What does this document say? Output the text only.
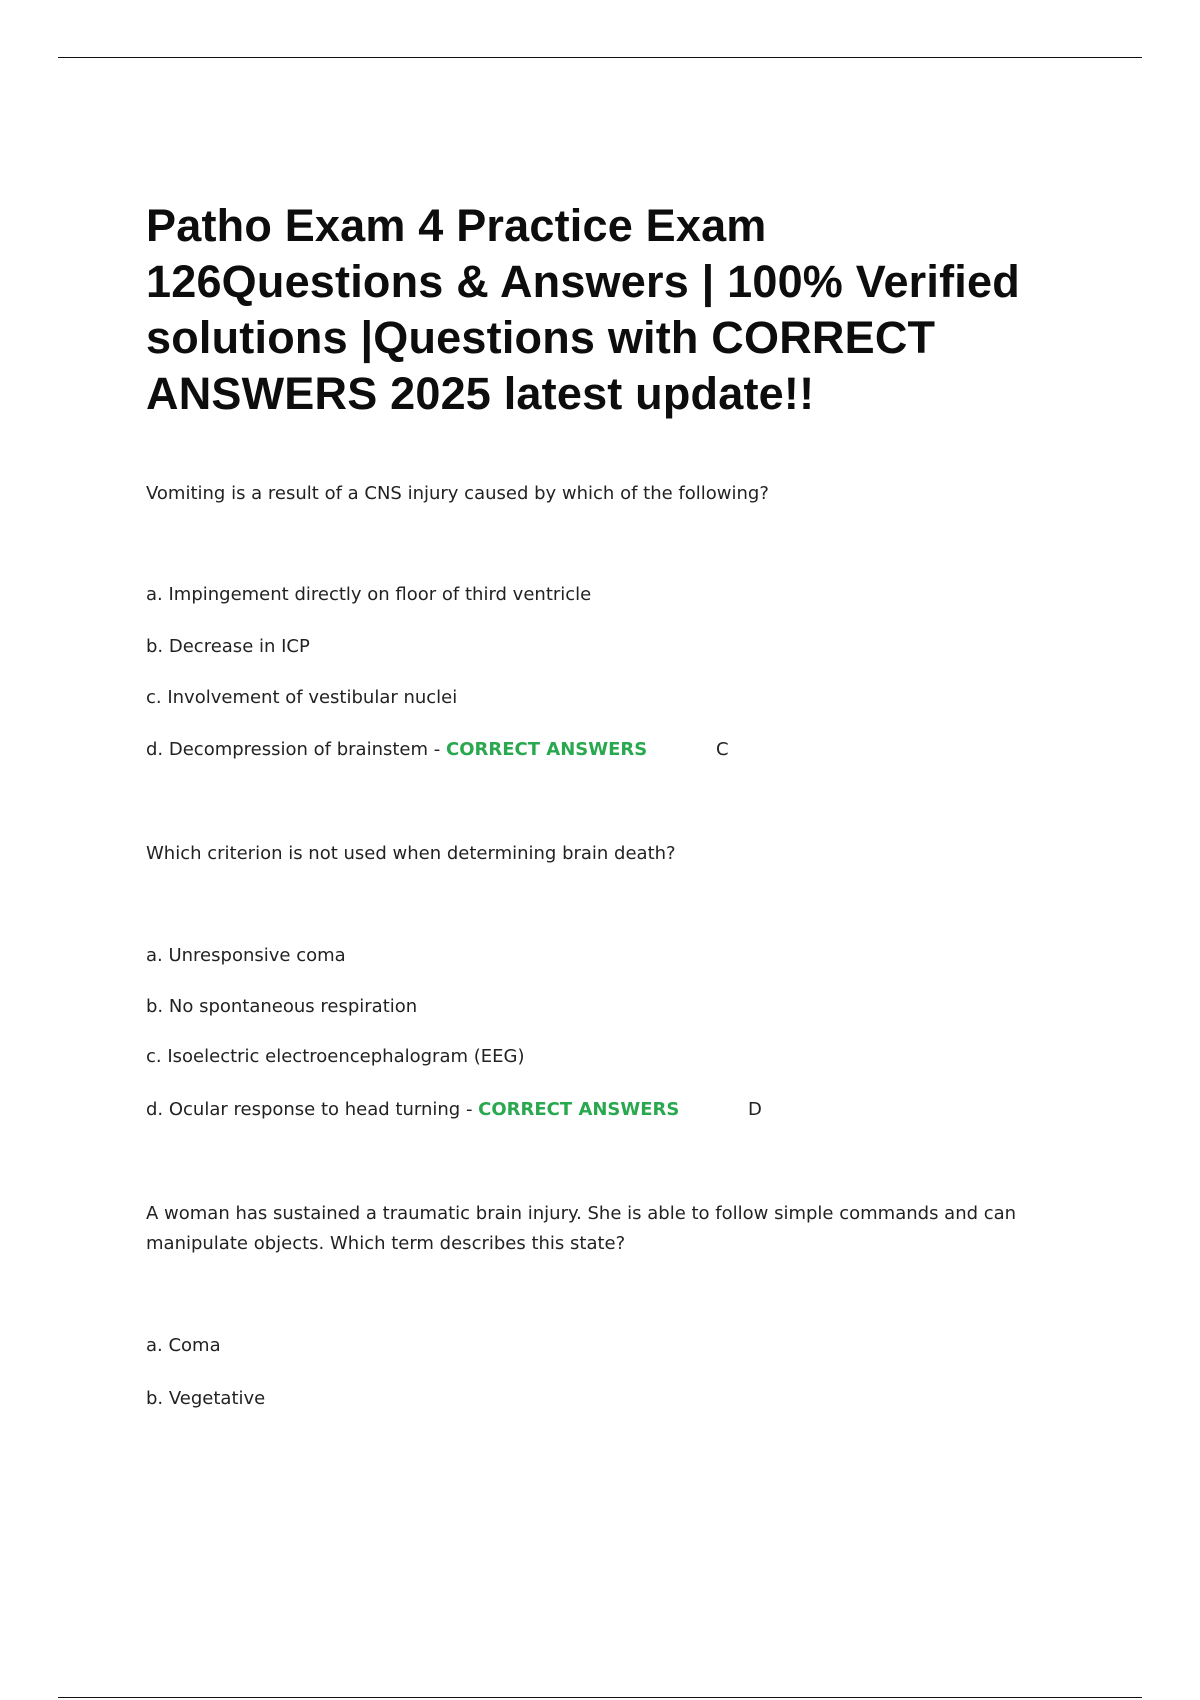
Patho Exam 4 Practice Exam
126Questions & Answers | 100% Verified
solutions |Questions with CORRECT
ANSWERS 2025 latest update!!
Vomiting is a result of a CNS injury caused by which of the following?
a. Impingement directly on floor of third ventricle
b. Decrease in ICP
c. Involvement of vestibular nuclei
d. Decompression of brainstem - CORRECT ANSWERS	C
Which criterion is not used when determining brain death?
a. Unresponsive coma
b. No spontaneous respiration
c. Isoelectric electroencephalogram (EEG)
d. Ocular response to head turning - CORRECT ANSWERS	D
A woman has sustained a traumatic brain injury. She is able to follow simple commands and can
manipulate objects. Which term describes this state?
a. Coma
b. Vegetative
